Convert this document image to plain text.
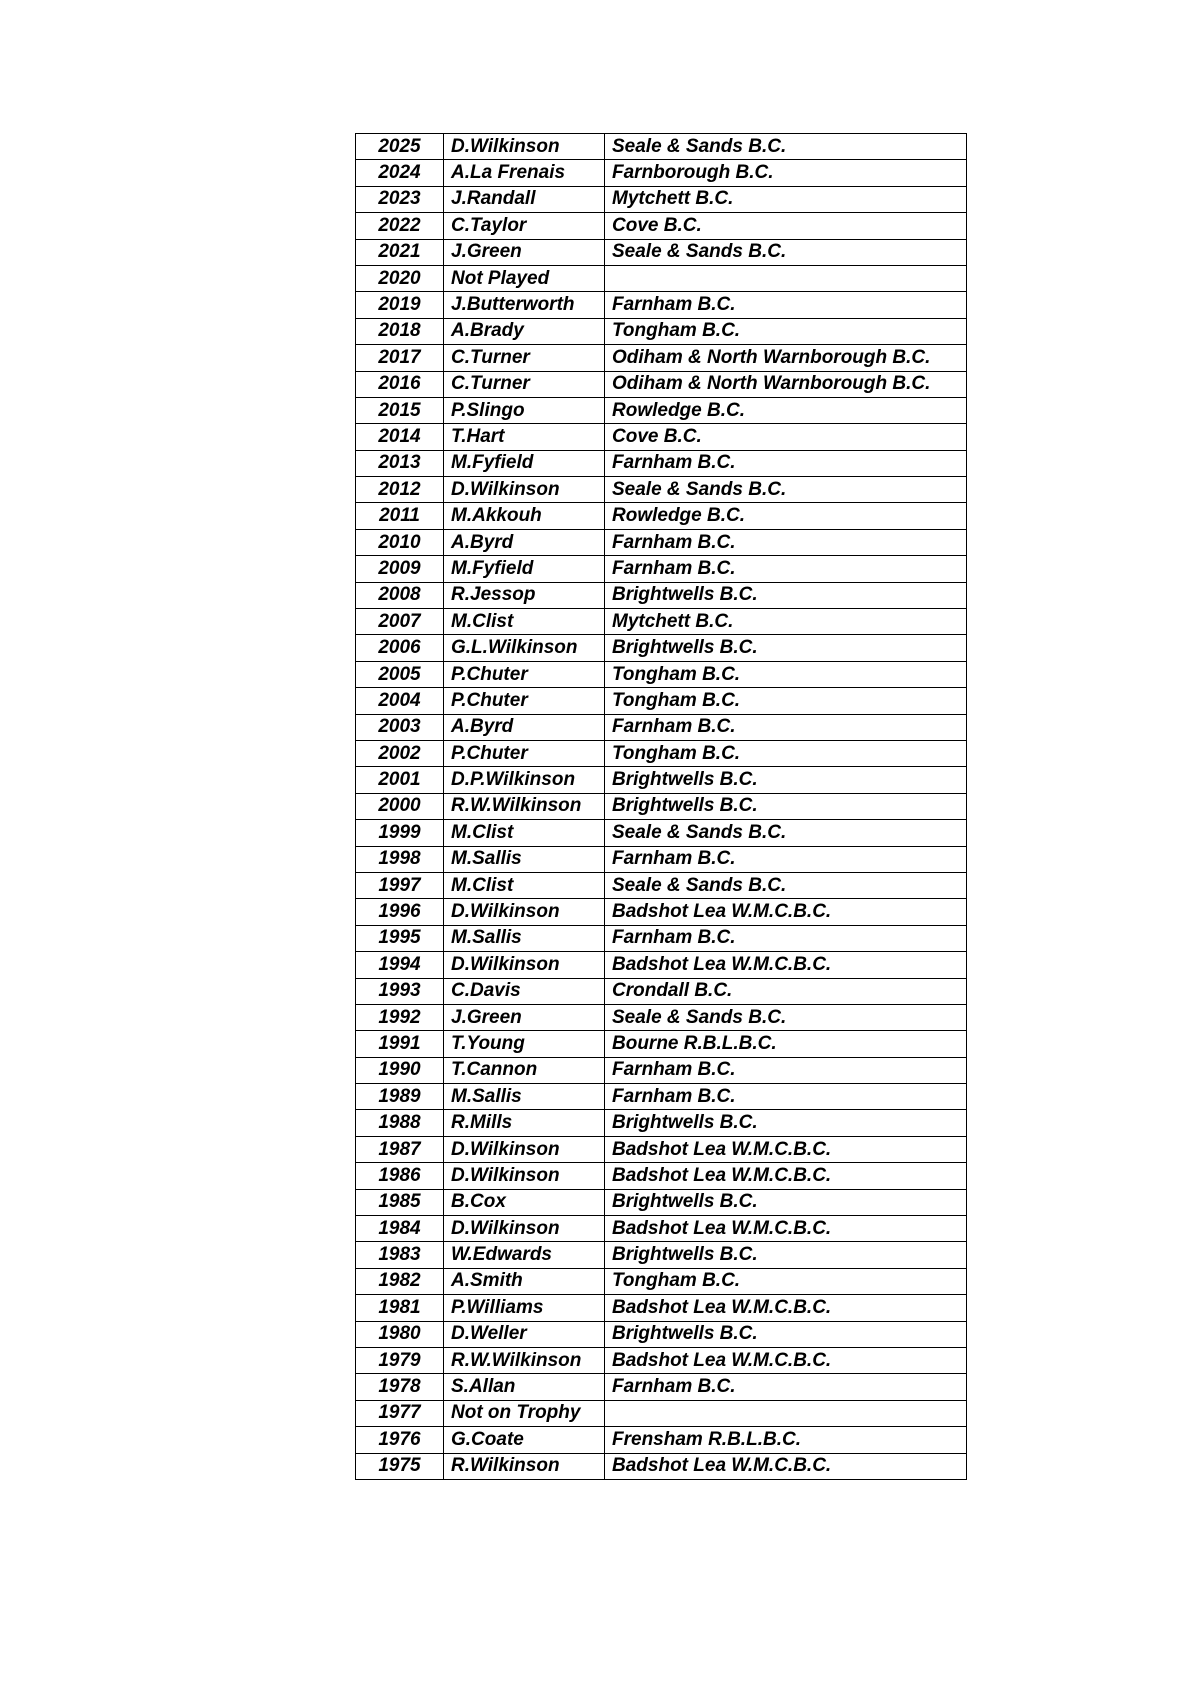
2025	D.Wilkinson	Seale & Sands B.C.
2024	A.La Frenais	Farnborough B.C.
2023	J.Randall	Mytchett B.C.
2022	C.Taylor	Cove B.C.
2021	J.Green	Seale & Sands B.C.
2020	Not Played	
2019	J.Butterworth	Farnham B.C.
2018	A.Brady	Tongham B.C.
2017	C.Turner	Odiham & North Warnborough B.C.
2016	C.Turner	Odiham & North Warnborough B.C.
2015	P.Slingo	Rowledge B.C.
2014	T.Hart	Cove B.C.
2013	M.Fyfield	Farnham B.C.
2012	D.Wilkinson	Seale & Sands B.C.
2011	M.Akkouh	Rowledge B.C.
2010	A.Byrd	Farnham B.C.
2009	M.Fyfield	Farnham B.C.
2008	R.Jessop	Brightwells B.C.
2007	M.Clist	Mytchett B.C.
2006	G.L.Wilkinson	Brightwells B.C.
2005	P.Chuter	Tongham B.C.
2004	P.Chuter	Tongham B.C.
2003	A.Byrd	Farnham B.C.
2002	P.Chuter	Tongham B.C.
2001	D.P.Wilkinson	Brightwells B.C.
2000	R.W.Wilkinson	Brightwells B.C.
1999	M.Clist	Seale & Sands B.C.
1998	M.Sallis	Farnham B.C.
1997	M.Clist	Seale & Sands B.C.
1996	D.Wilkinson	Badshot Lea W.M.C.B.C.
1995	M.Sallis	Farnham B.C.
1994	D.Wilkinson	Badshot Lea W.M.C.B.C.
1993	C.Davis	Crondall B.C.
1992	J.Green	Seale & Sands B.C.
1991	T.Young	Bourne R.B.L.B.C.
1990	T.Cannon	Farnham B.C.
1989	M.Sallis	Farnham B.C.
1988	R.Mills	Brightwells B.C.
1987	D.Wilkinson	Badshot Lea W.M.C.B.C.
1986	D.Wilkinson	Badshot Lea W.M.C.B.C.
1985	B.Cox	Brightwells B.C.
1984	D.Wilkinson	Badshot Lea W.M.C.B.C.
1983	W.Edwards	Brightwells B.C.
1982	A.Smith	Tongham B.C.
1981	P.Williams	Badshot Lea W.M.C.B.C.
1980	D.Weller	Brightwells B.C.
1979	R.W.Wilkinson	Badshot Lea W.M.C.B.C.
1978	S.Allan	Farnham B.C.
1977	Not on Trophy	
1976	G.Coate	Frensham R.B.L.B.C.
1975	R.Wilkinson	Badshot Lea W.M.C.B.C.
